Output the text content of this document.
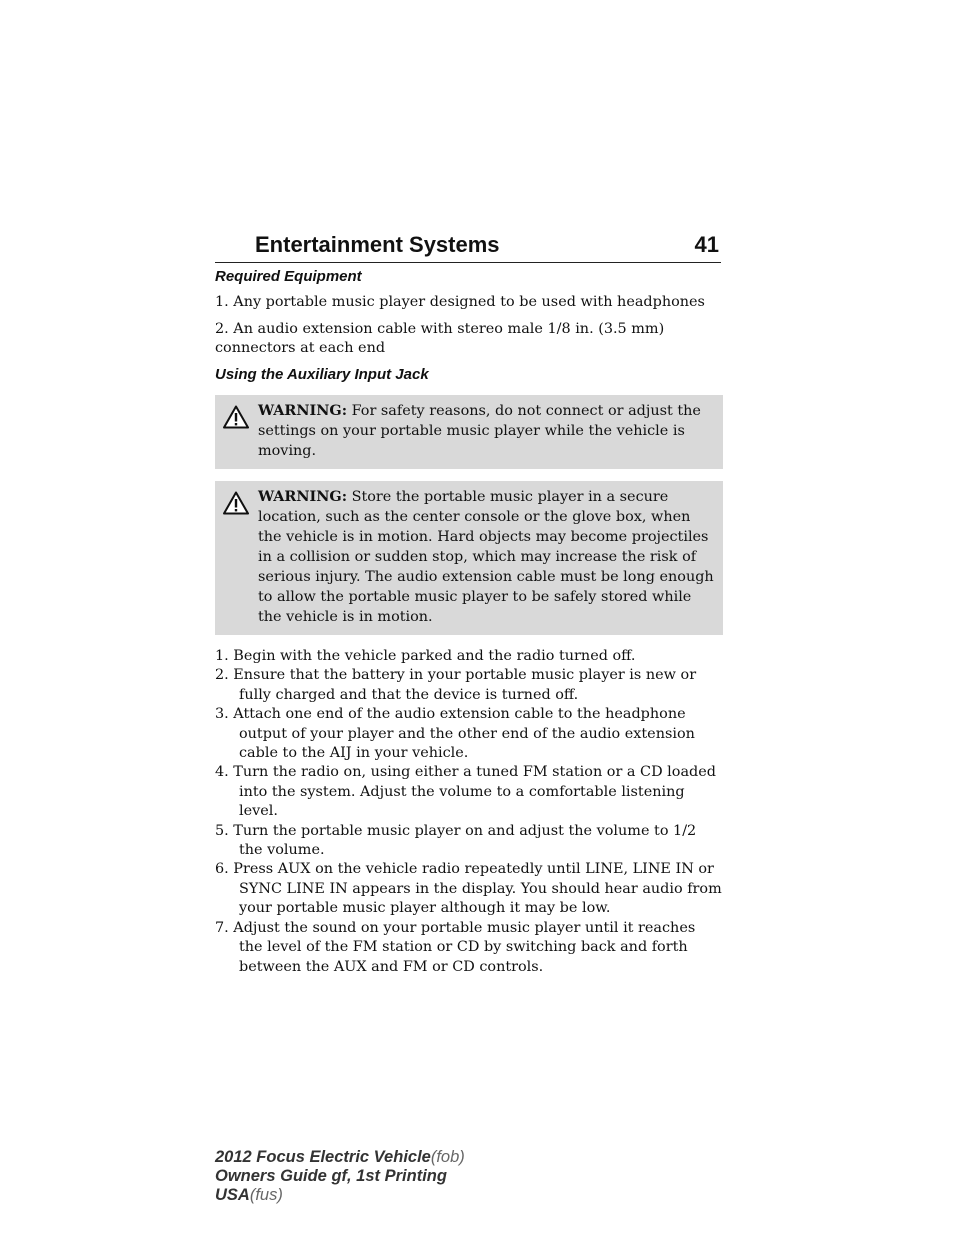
Entertainment Systems	41
Required Equipment

1. Any portable music player designed to be used with headphones

2. An audio extension cable with stereo male 1/8 in. (3.5 mm) connectors at each end

Using the Auxiliary Input Jack
WARNING: For safety reasons, do not connect or adjust the settings on your portable music player while the vehicle is moving.
WARNING: Store the portable music player in a secure location, such as the center console or the glove box, when the vehicle is in motion. Hard objects may become projectiles in a collision or sudden stop, which may increase the risk of serious injury. The audio extension cable must be long enough to allow the portable music player to be safely stored while the vehicle is in motion.
1. Begin with the vehicle parked and the radio turned off.
2. Ensure that the battery in your portable music player is new or fully charged and that the device is turned off.
3. Attach one end of the audio extension cable to the headphone output of your player and the other end of the audio extension cable to the AIJ in your vehicle.
4. Turn the radio on, using either a tuned FM station or a CD loaded into the system. Adjust the volume to a comfortable listening level.
5. Turn the portable music player on and adjust the volume to 1/2 the volume.
6. Press AUX on the vehicle radio repeatedly until LINE, LINE IN or SYNC LINE IN appears in the display. You should hear audio from your portable music player although it may be low.
7. Adjust the sound on your portable music player until it reaches the level of the FM station or CD by switching back and forth between the AUX and FM or CD controls.
2012 Focus Electric Vehicle(fob)
Owners Guide gf, 1st Printing
USA(fus)
